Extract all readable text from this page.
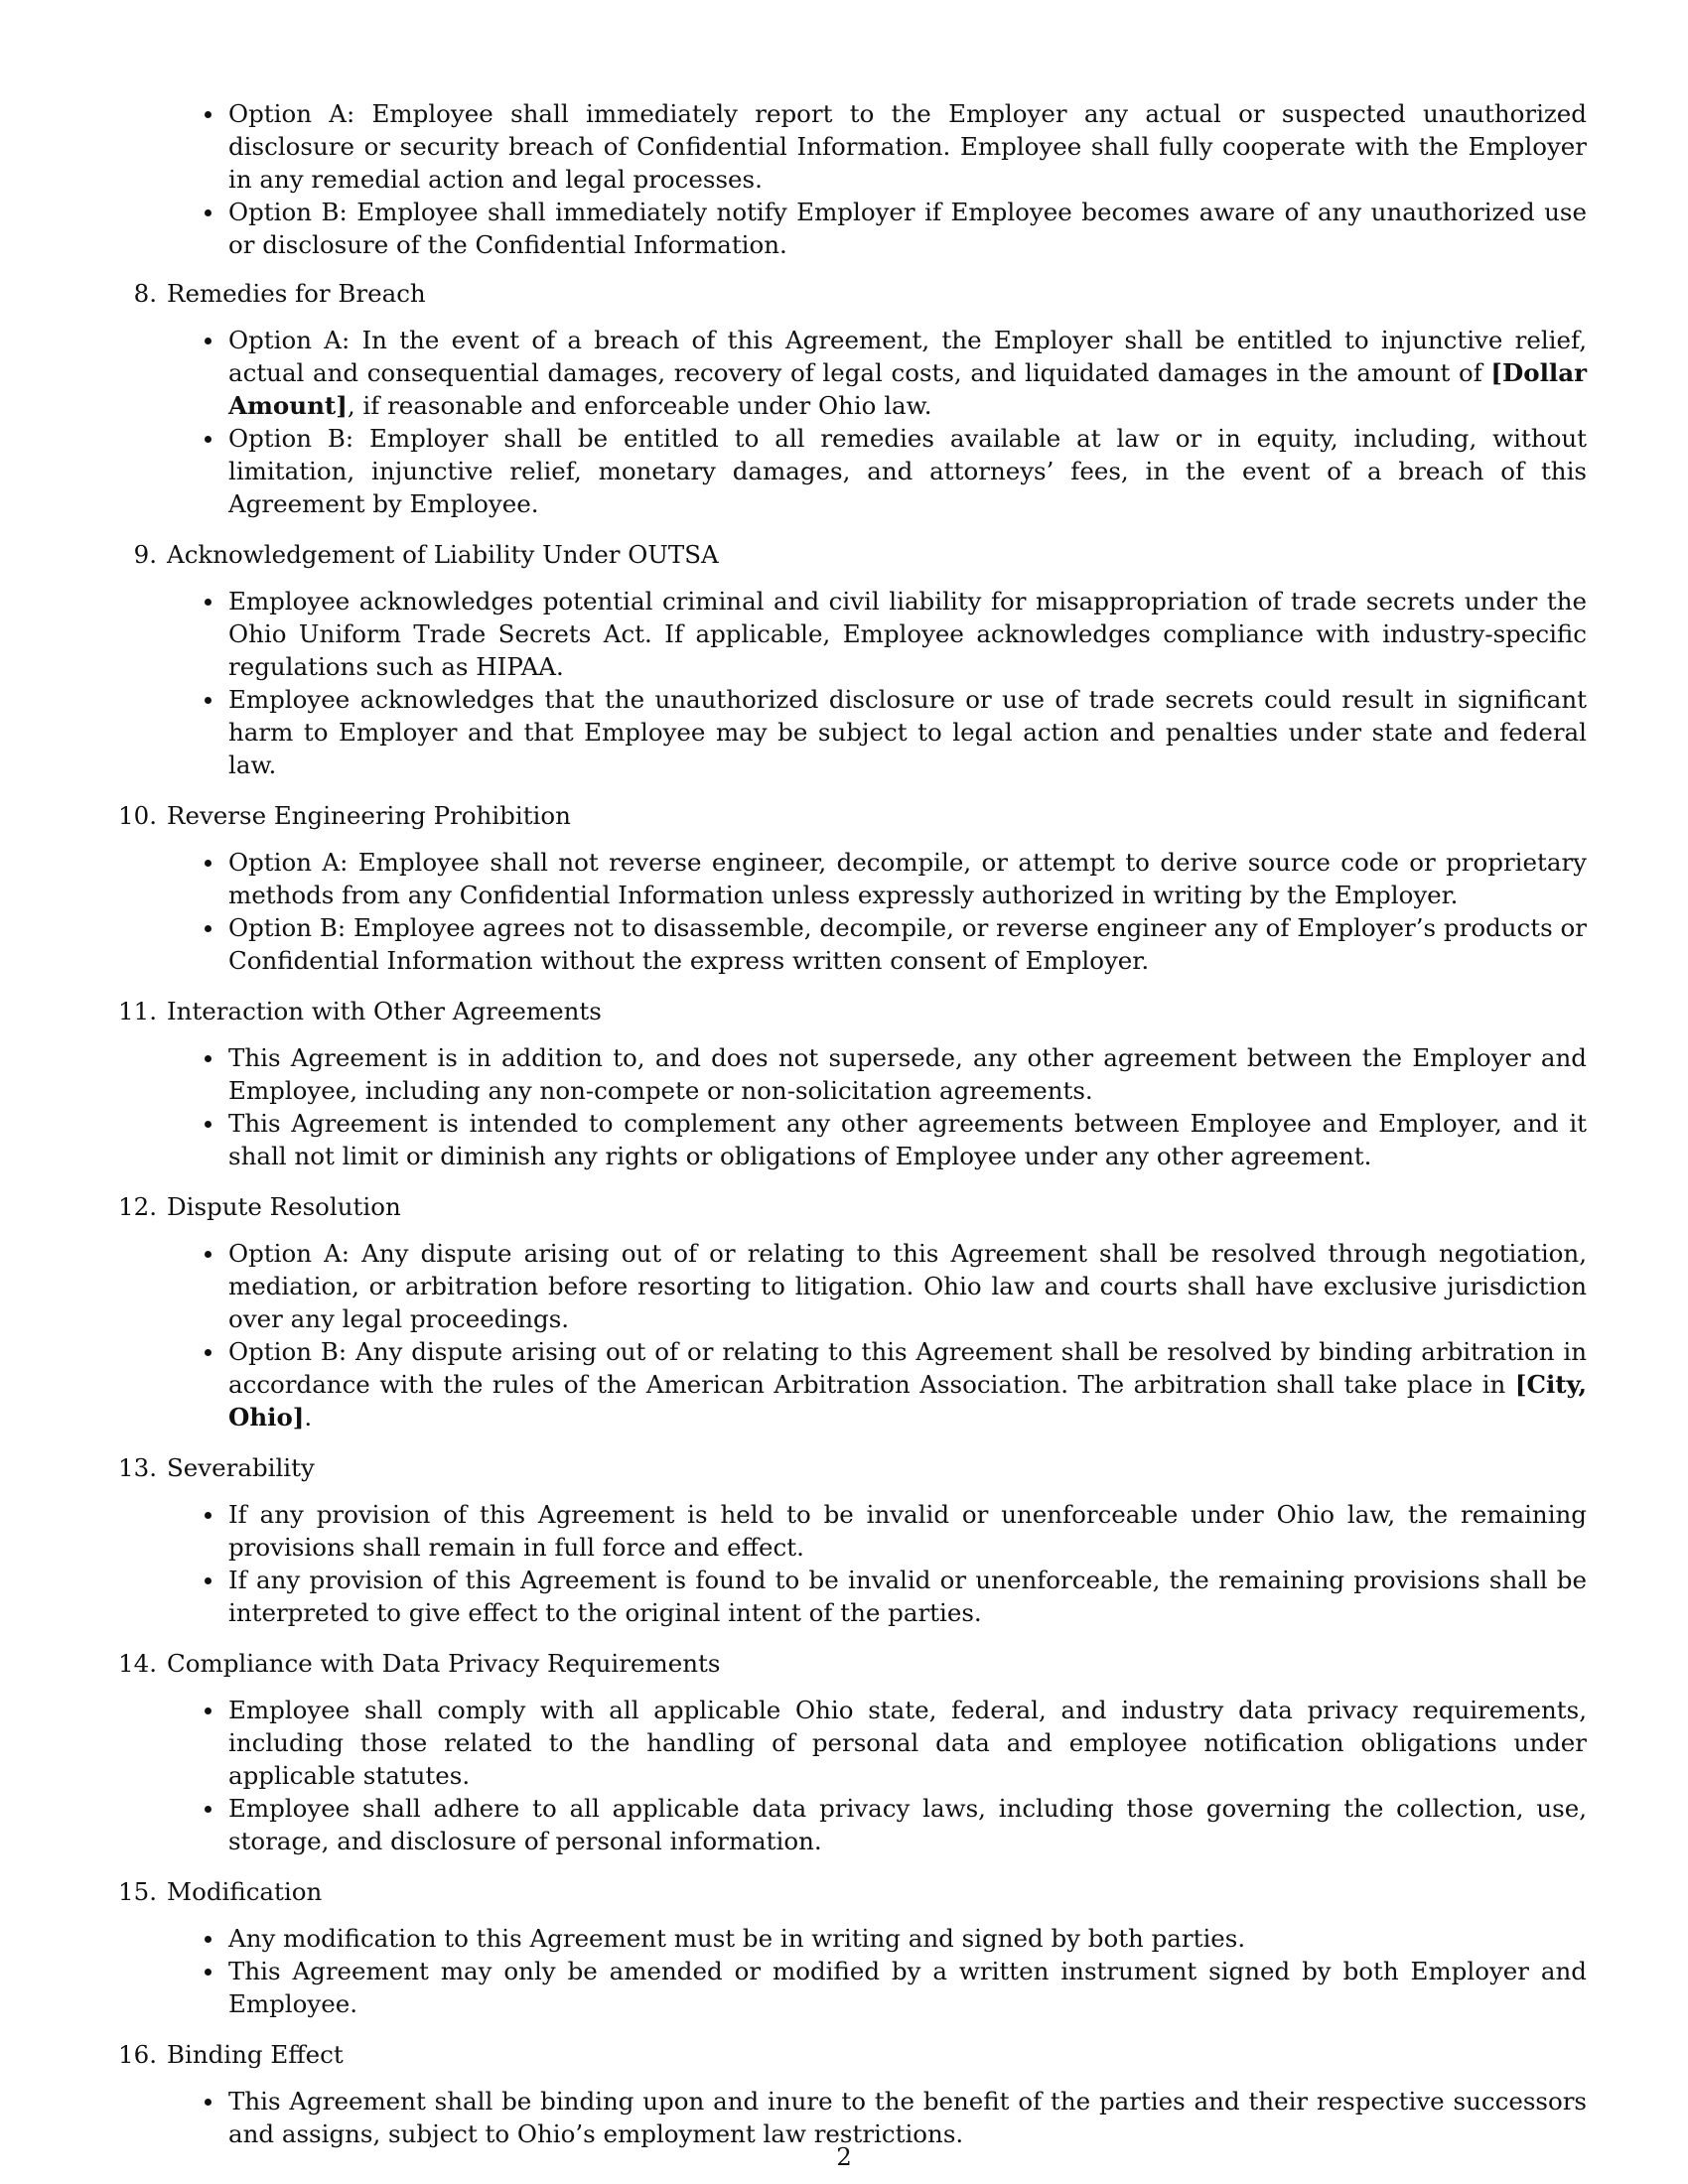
Option A: Employee shall immediately report to the Employer any actual or suspected unauthorized disclosure or security breach of Confidential Information. Employee shall fully cooperate with the Employer in any remedial action and legal processes.
Option B: Employee shall immediately notify Employer if Employee becomes aware of any unauthorized use or disclosure of the Confidential Information.
8. Remedies for Breach
Option A: In the event of a breach of this Agreement, the Employer shall be entitled to injunctive relief, actual and consequential damages, recovery of legal costs, and liquidated damages in the amount of [Dollar Amount], if reasonable and enforceable under Ohio law.
Option B: Employer shall be entitled to all remedies available at law or in equity, including, without limitation, injunctive relief, monetary damages, and attorneys’ fees, in the event of a breach of this Agreement by Employee.
9. Acknowledgement of Liability Under OUTSA
Employee acknowledges potential criminal and civil liability for misappropriation of trade secrets under the Ohio Uniform Trade Secrets Act. If applicable, Employee acknowledges compliance with industry-specific regulations such as HIPAA.
Employee acknowledges that the unauthorized disclosure or use of trade secrets could result in significant harm to Employer and that Employee may be subject to legal action and penalties under state and federal law.
10. Reverse Engineering Prohibition
Option A: Employee shall not reverse engineer, decompile, or attempt to derive source code or proprietary methods from any Confidential Information unless expressly authorized in writing by the Employer.
Option B: Employee agrees not to disassemble, decompile, or reverse engineer any of Employer’s products or Confidential Information without the express written consent of Employer.
11. Interaction with Other Agreements
This Agreement is in addition to, and does not supersede, any other agreement between the Employer and Employee, including any non-compete or non-solicitation agreements.
This Agreement is intended to complement any other agreements between Employee and Employer, and it shall not limit or diminish any rights or obligations of Employee under any other agreement.
12. Dispute Resolution
Option A: Any dispute arising out of or relating to this Agreement shall be resolved through negotiation, mediation, or arbitration before resorting to litigation. Ohio law and courts shall have exclusive jurisdiction over any legal proceedings.
Option B: Any dispute arising out of or relating to this Agreement shall be resolved by binding arbitration in accordance with the rules of the American Arbitration Association. The arbitration shall take place in [City, Ohio].
13. Severability
If any provision of this Agreement is held to be invalid or unenforceable under Ohio law, the remaining provisions shall remain in full force and effect.
If any provision of this Agreement is found to be invalid or unenforceable, the remaining provisions shall be interpreted to give effect to the original intent of the parties.
14. Compliance with Data Privacy Requirements
Employee shall comply with all applicable Ohio state, federal, and industry data privacy requirements, including those related to the handling of personal data and employee notification obligations under applicable statutes.
Employee shall adhere to all applicable data privacy laws, including those governing the collection, use, storage, and disclosure of personal information.
15. Modification
Any modification to this Agreement must be in writing and signed by both parties.
This Agreement may only be amended or modified by a written instrument signed by both Employer and Employee.
16. Binding Effect
This Agreement shall be binding upon and inure to the benefit of the parties and their respective successors and assigns, subject to Ohio’s employment law restrictions.
2
